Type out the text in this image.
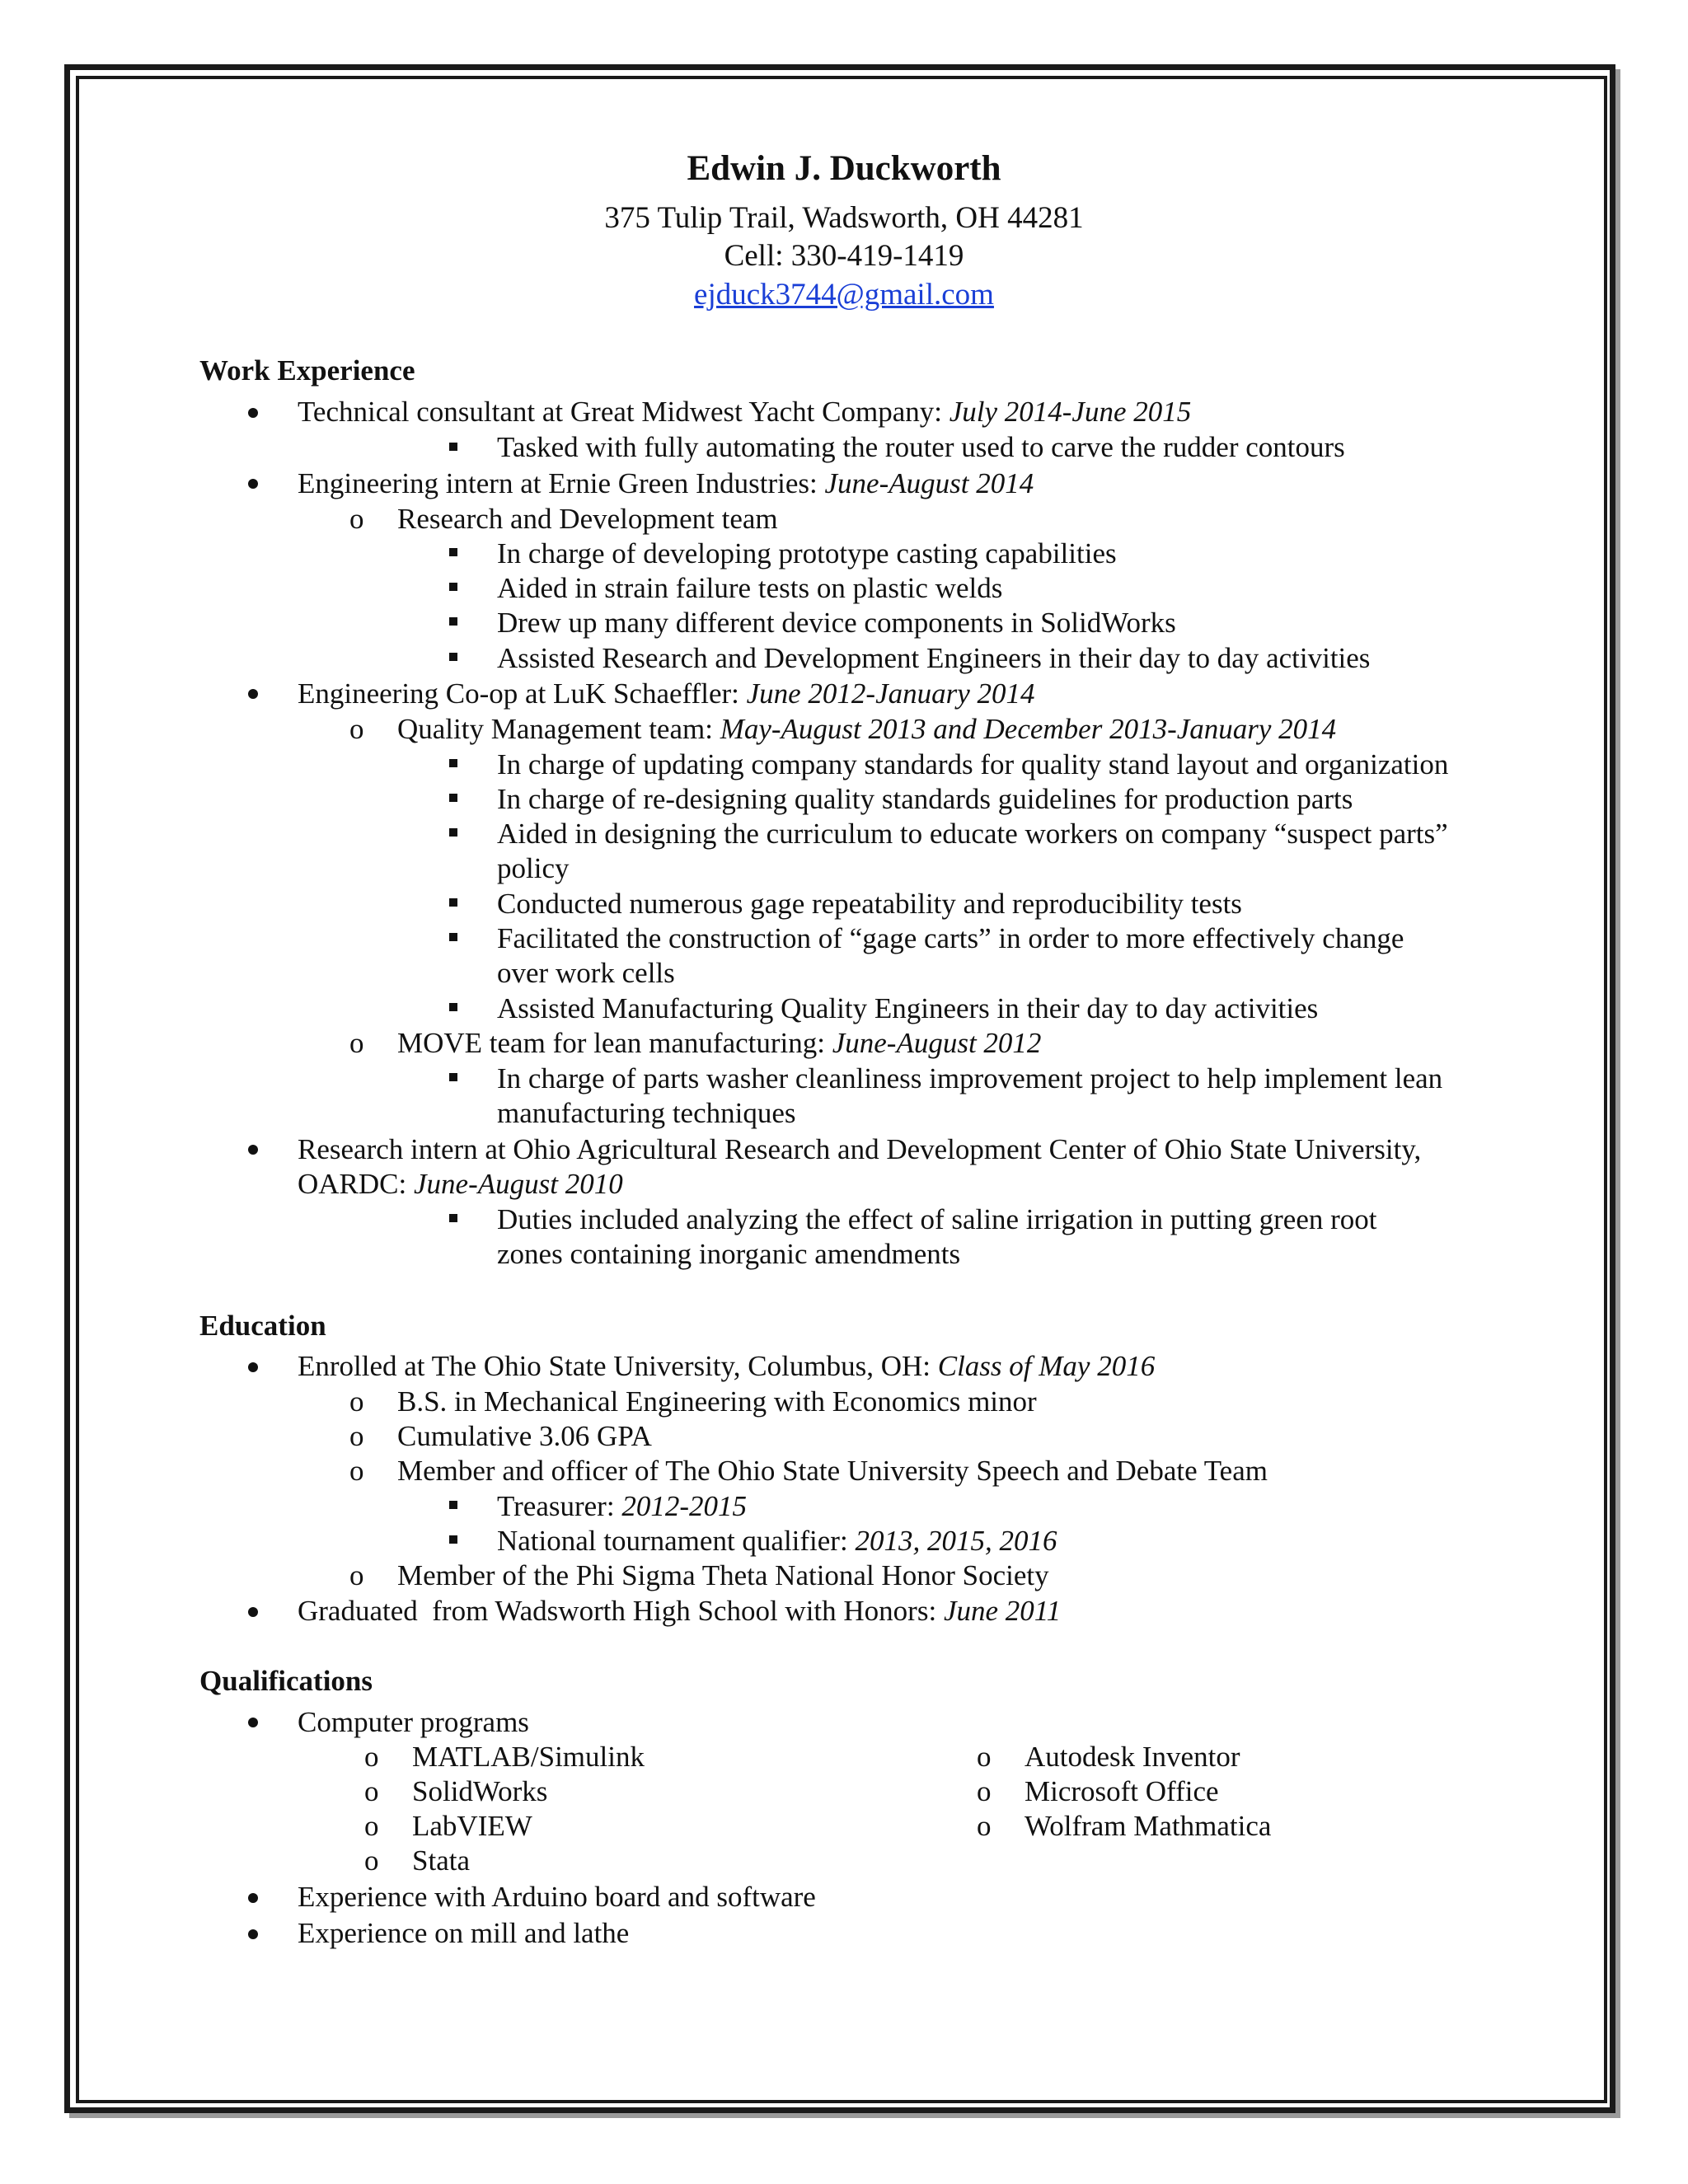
Edwin J. Duckworth
375 Tulip Trail, Wadsworth, OH 44281
Cell: 330-419-1419
ejduck3744@gmail.com
Work Experience
Technical consultant at Great Midwest Yacht Company: July 2014-June 2015
Tasked with fully automating the router used to carve the rudder contours
Engineering intern at Ernie Green Industries: June-August 2014
o Research and Development team
In charge of developing prototype casting capabilities
Aided in strain failure tests on plastic welds
Drew up many different device components in SolidWorks
Assisted Research and Development Engineers in their day to day activities
Engineering Co-op at LuK Schaeffler: June 2012-January 2014
o Quality Management team: May-August 2013 and December 2013-January 2014
In charge of updating company standards for quality stand layout and organization
In charge of re-designing quality standards guidelines for production parts
Aided in designing the curriculum to educate workers on company “suspect parts”
policy
Conducted numerous gage repeatability and reproducibility tests
Facilitated the construction of “gage carts” in order to more effectively change
over work cells
Assisted Manufacturing Quality Engineers in their day to day activities
o MOVE team for lean manufacturing: June-August 2012
In charge of parts washer cleanliness improvement project to help implement lean
manufacturing techniques
Research intern at Ohio Agricultural Research and Development Center of Ohio State University,
OARDC: June-August 2010
Duties included analyzing the effect of saline irrigation in putting green root
zones containing inorganic amendments
Education
Enrolled at The Ohio State University, Columbus, OH: Class of May 2016
o B.S. in Mechanical Engineering with Economics minor
o Cumulative 3.06 GPA
o Member and officer of The Ohio State University Speech and Debate Team
Treasurer: 2012-2015
National tournament qualifier: 2013, 2015, 2016
o Member of the Phi Sigma Theta National Honor Society
Graduated  from Wadsworth High School with Honors: June 2011
Qualifications
Computer programs
o MATLAB/Simulink
o SolidWorks
o LabVIEW
o Stata
o Autodesk Inventor
o Microsoft Office
o Wolfram Mathmatica
Experience with Arduino board and software
Experience on mill and lathe
